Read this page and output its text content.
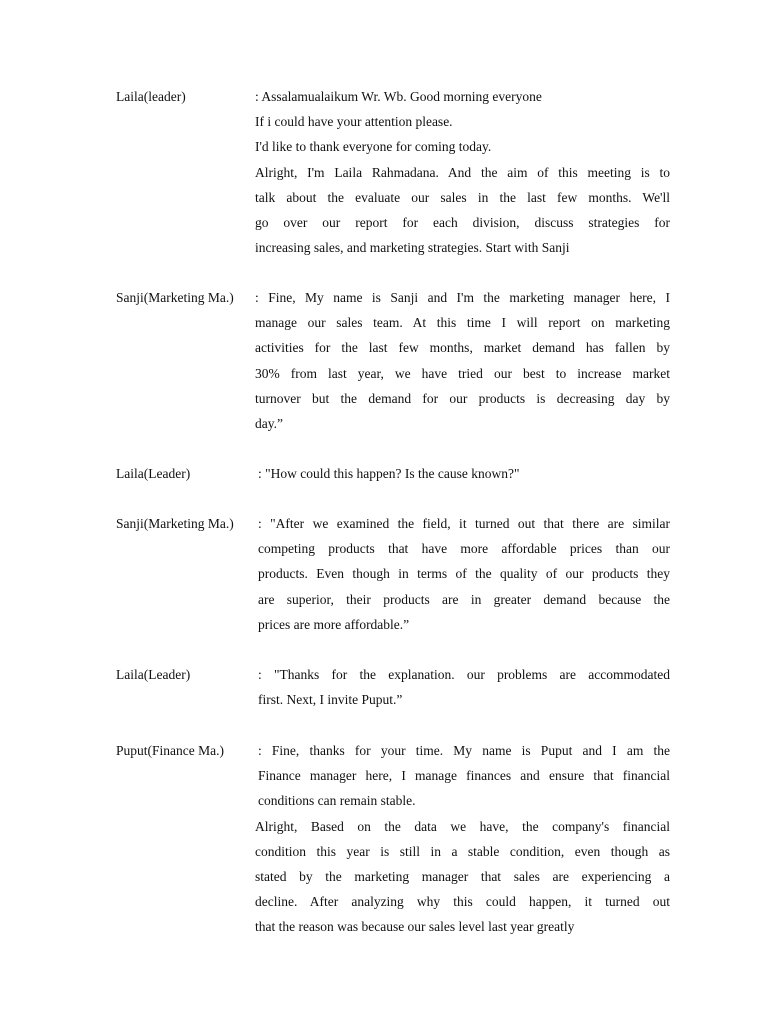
Laila(leader)	: Assalamualaikum Wr. Wb. Good morning everyone
If i could have your attention please.
I'd like to thank everyone for coming today.
Alright, I'm Laila Rahmadana. And the aim of this meeting is to
talk about the evaluate our sales in the last few months. We'll
go over our report for each division, discuss strategies for
increasing sales, and marketing strategies. Start with Sanji
Sanji(Marketing Ma.) : Fine, My name is Sanji and I'm the marketing manager here, I
manage our sales team. At this time I will report on marketing
activities for the last few months, market demand has fallen by
30% from last year, we have tried our best to increase market
turnover but the demand for our products is decreasing day by
day.”
Laila(Leader)	: "How could this happen? Is the cause known?"
Sanji(Marketing Ma.) : "After we examined the field, it turned out that there are similar
competing products that have more affordable prices than our
products. Even though in terms of the quality of our products they
are superior, their products are in greater demand because the
prices are more affordable.”
Laila(Leader)	: "Thanks for the explanation. our problems are accommodated
first. Next, I invite Puput.”
Puput(Finance Ma.)	: Fine, thanks for your time. My name is Puput and I am the
Finance manager here, I manage finances and ensure that financial
conditions can remain stable.
Alright, Based on the data we have, the company's financial
condition this year is still in a stable condition, even though as
stated by the marketing manager that sales are experiencing a
decline. After analyzing why this could happen, it turned out
that the reason was because our sales level last year greatly
